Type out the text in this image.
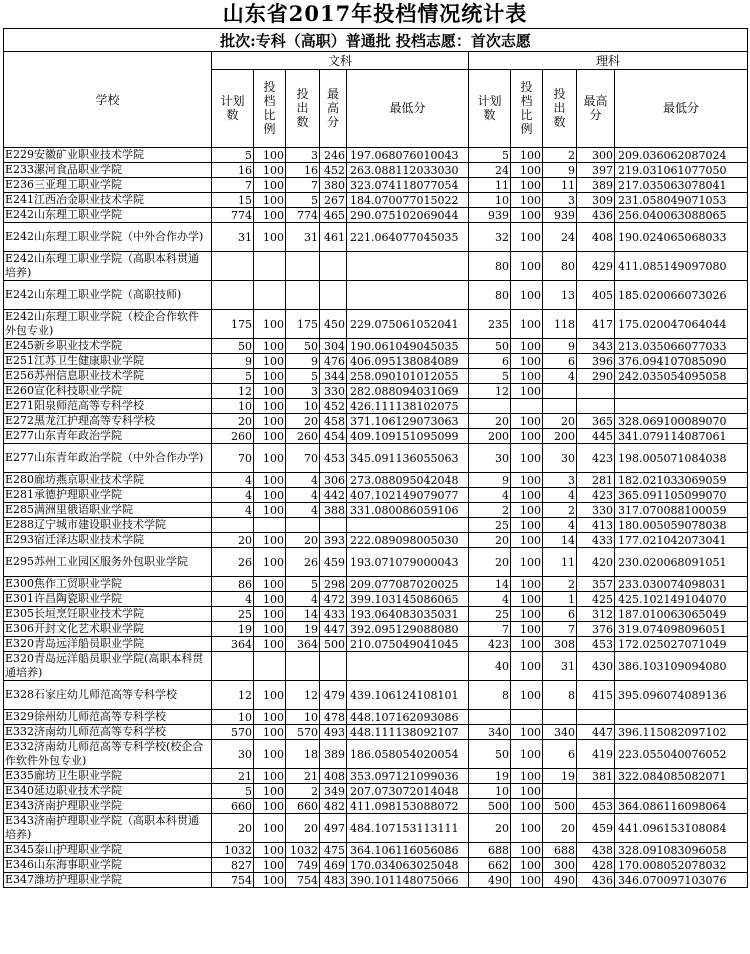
山东省2017年投档情况统计表
批次:专科（高职）普通批 投档志愿：首次志愿										
学校	文科					理科				
	计划数	投档比例	投出数	最高分	最低分	计划数	投档比例	投出数	最高分	最低分
E229安徽矿业职业技术学院	5	100	3	246	197.068076010043	5	100	2	300	209.036062087024
E233漯河食品职业学院	16	100	16	452	263.088112033030	24	100	9	397	219.031061077050
E236三亚理工职业学院	7	100	7	380	323.074118077054	11	100	11	389	217.035063078041
E241江西冶金职业技术学院	15	100	5	267	184.070077015022	10	100	3	309	231.058049071053
E242山东理工职业学院	774	100	774	465	290.075102069044	939	100	939	436	256.040063088065
E242山东理工职业学院（中外合作办学)	31	100	31	461	221.064077045035	32	100	24	408	190.024065068033
E242山东理工职业学院（高职本科贯通培养)						80	100	80	429	411.085149097080
E242山东理工职业学院（高职技师)						80	100	13	405	185.020066073026
E242山东理工职业学院（校企合作软件外包专业)	175	100	175	450	229.075061052041	235	100	118	417	175.020047064044
E245新乡职业技术学院	50	100	50	304	190.061049045035	50	100	9	343	213.035066077033
E251江苏卫生健康职业学院	9	100	9	476	406.095138084089	6	100	6	396	376.094107085090
E256苏州信息职业技术学院	5	100	5	344	258.090101012055	5	100	4	290	242.035054095058
E260宣化科技职业学院	12	100	3	330	282.088094031069	12	100			
E271阳泉师范高等专科学校	10	100	10	452	426.111138102075					
E272黑龙江护理高等专科学校	20	100	20	458	371.106129073063	20	100	20	365	328.069100089070
E277山东青年政治学院	260	100	260	454	409.109151095099	200	100	200	445	341.079114087061
E277山东青年政治学院（中外合作办学)	70	100	70	453	345.091136055063	30	100	30	423	198.005071084038
E280廊坊燕京职业技术学院	4	100	4	306	273.088095042048	9	100	3	281	182.021033069059
E281承德护理职业学院	4	100	4	442	407.102149079077	4	100	4	423	365.091105099070
E285满洲里俄语职业学院	4	100	4	388	331.080086059106	2	100	2	330	317.070088100059
E288辽宁城市建设职业技术学院						25	100	4	413	180.005059078038
E293宿迁泽达职业技术学院	20	100	20	393	222.089098005030	20	100	14	433	177.021042073041
E295苏州工业园区服务外包职业学院	26	100	26	459	193.071079000043	20	100	11	420	230.020068091051
E300焦作工贸职业学院	86	100	5	298	209.077087020025	14	100	2	357	233.030074098031
E301许昌陶瓷职业学院	4	100	4	472	399.103145086065	4	100	1	425	425.102149104070
E305长垣烹饪职业技术学院	25	100	14	433	193.064083035031	25	100	6	312	187.010063065049
E306开封文化艺术职业学院	19	100	19	447	392.095129088080	7	100	7	376	319.074098096051
E320青岛远洋船员职业学院	364	100	364	500	210.075049041045	423	100	308	453	172.025027071049
E320青岛远洋船员职业学院(高职本科贯通培养)						40	100	31	430	386.103109094080
E328石家庄幼儿师范高等专科学校	12	100	12	479	439.106124108101	8	100	8	415	395.096074089136
E329徐州幼儿师范高等专科学校	10	100	10	478	448.107162093086					
E332济南幼儿师范高等专科学校	570	100	570	493	448.111138092107	340	100	340	447	396.115082097102
E332济南幼儿师范高等专科学校(校企合作软件外包专业)	30	100	18	389	186.058054020054	50	100	6	419	223.055040076052
E335廊坊卫生职业学院	21	100	21	408	353.097121099036	19	100	19	381	322.084085082071
E340延边职业技术学院	5	100	2	349	207.073072014048	10	100			
E343济南护理职业学院	660	100	660	482	411.098153088072	500	100	500	453	364.086116098064
E343济南护理职业学院（高职本科贯通培养)	20	100	20	497	484.107153113111	20	100	20	459	441.096153108084
E345泰山护理职业学院	1032	100	1032	475	364.106116056086	688	100	688	438	328.091083096058
E346山东海事职业学院	827	100	749	469	170.034063025048	662	100	300	428	170.008052078032
E347潍坊护理职业学院	754	100	754	483	390.101148075066	490	100	490	436	346.070097103076
